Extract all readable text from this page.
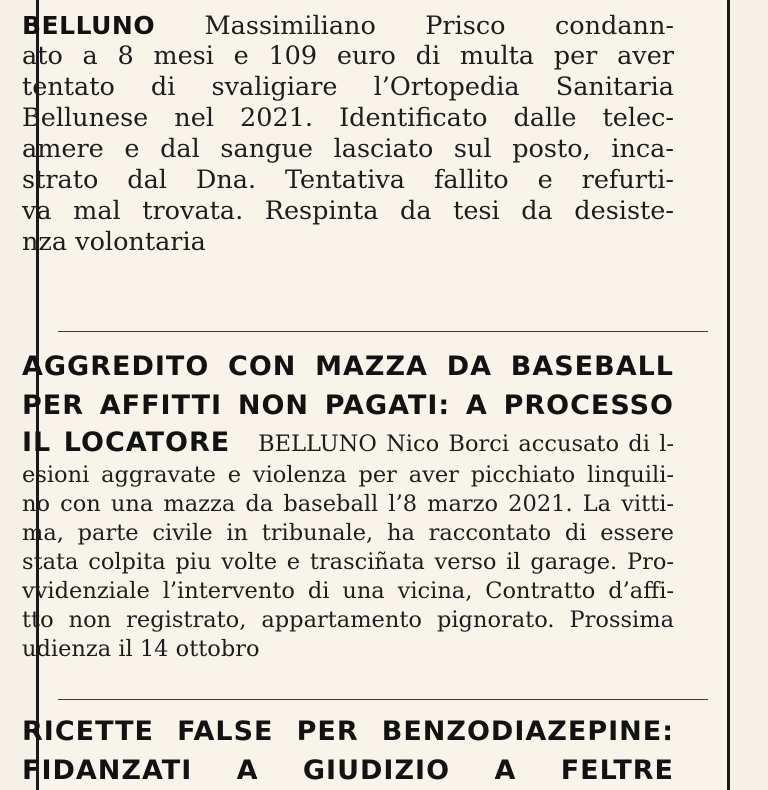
BELLUNO Massimiliano Prisco condann-
ato a 8 mesi e 109 euro di multa per aver
tentato di svaligiare l’Ortopedia Sanitaria
Bellunese nel 2021. Identificato dalle telec-
amere e dal sangue lasciato sul posto, inca-
strato dal Dna. Tentativa fallito e refurti-
va mal trovata. Respinta da tesi da desiste-
nza volontaria
AGGREDITO CON MAZZA DA BASEBALL
PER AFFITTI NON PAGATI: A PROCESSO
IL LOCATORE BELLUNO Nico Borci accusato di l-
esioni aggravate e violenza per aver picchiato linquili-
no con una mazza da baseball l’8 marzo 2021. La vitti-
ma, parte civile in tribunale, ha raccontato di essere
stata colpita piu volte e trasciñata verso il garage. Pro-
vvidenziale l’intervento di una vicina, Contratto d’affi-
tto non registrato, appartamento pignorato. Prossima
udienza il 14 ottobro
RICETTE FALSE PER BENZODIAZEPINE:
FIDANZATI A GIUDIZIO A FELTRE
